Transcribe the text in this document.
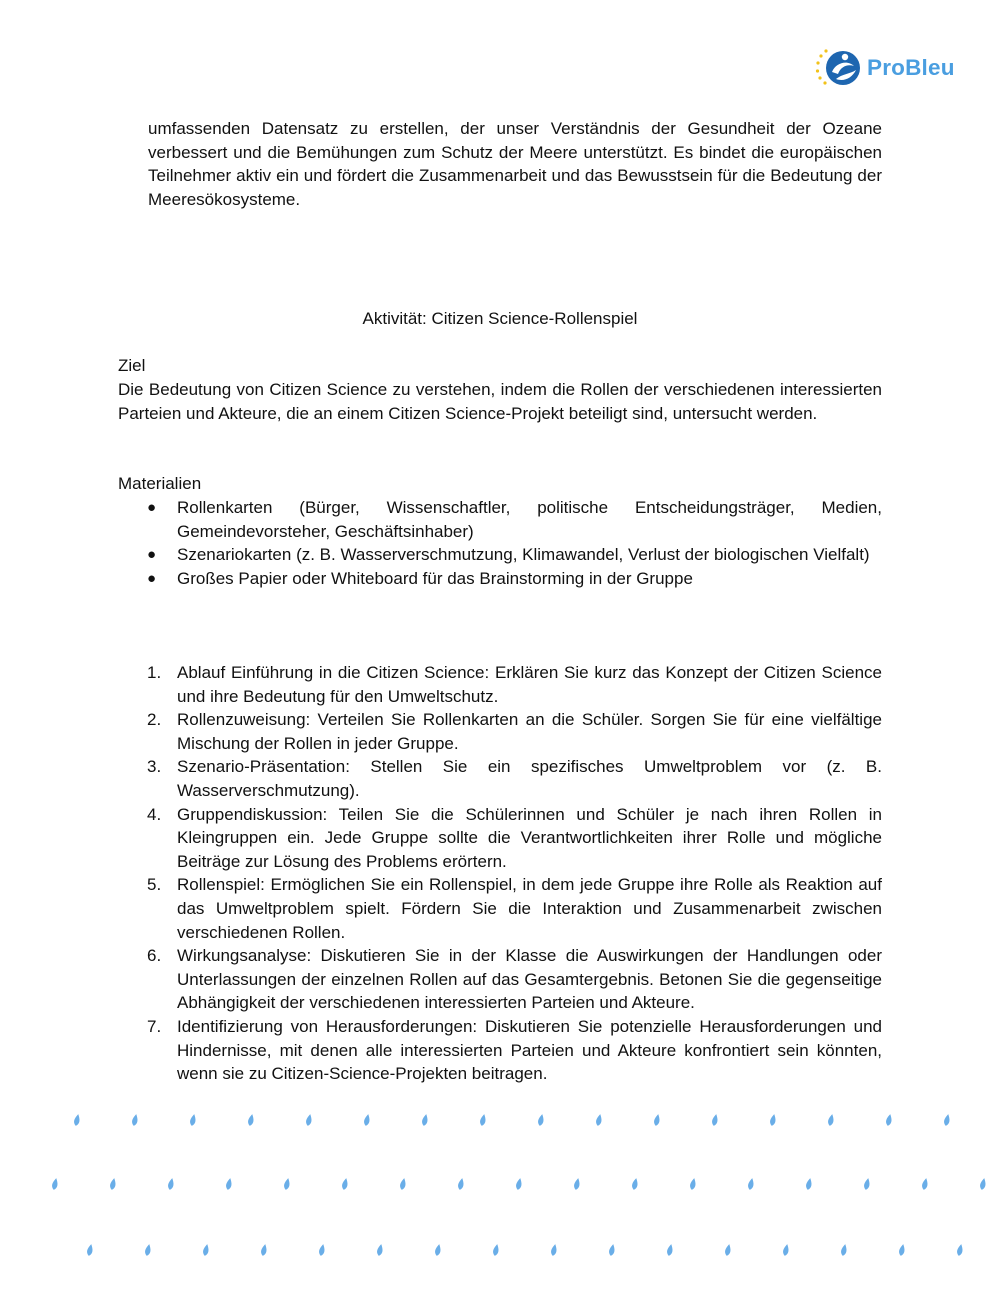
ProBleu

umfassenden Datensatz zu erstellen, der unser Verständnis der Gesundheit der Ozeane verbessert und die Bemühungen zum Schutz der Meere unterstützt. Es bindet die europäischen Teilnehmer aktiv ein und fördert die Zusammenarbeit und das Bewusstsein für die Bedeutung der Meeresökosysteme.

Aktivität: Citizen Science-Rollenspiel

Ziel

Die Bedeutung von Citizen Science zu verstehen, indem die Rollen der verschiedenen interessierten Parteien und Akteure, die an einem Citizen Science-Projekt beteiligt sind, untersucht werden.

Materialien

● Rollenkarten (Bürger, Wissenschaftler, politische Entscheidungsträger, Medien, Gemeindevorsteher, Geschäftsinhaber)
● Szenariokarten (z. B. Wasserverschmutzung, Klimawandel, Verlust der biologischen Vielfalt)
● Großes Papier oder Whiteboard für das Brainstorming in der Gruppe
1. Ablauf Einführung in die Citizen Science: Erklären Sie kurz das Konzept der Citizen Science und ihre Bedeutung für den Umweltschutz.
2. Rollenzuweisung: Verteilen Sie Rollenkarten an die Schüler. Sorgen Sie für eine vielfältige Mischung der Rollen in jeder Gruppe.
3. Szenario-Präsentation: Stellen Sie ein spezifisches Umweltproblem vor (z. B. Wasserverschmutzung).
4. Gruppendiskussion: Teilen Sie die Schülerinnen und Schüler je nach ihren Rollen in Kleingruppen ein. Jede Gruppe sollte die Verantwortlichkeiten ihrer Rolle und mögliche Beiträge zur Lösung des Problems erörtern.
5. Rollenspiel: Ermöglichen Sie ein Rollenspiel, in dem jede Gruppe ihre Rolle als Reaktion auf das Umweltproblem spielt. Fördern Sie die Interaktion und Zusammenarbeit zwischen verschiedenen Rollen.
6. Wirkungsanalyse: Diskutieren Sie in der Klasse die Auswirkungen der Handlungen oder Unterlassungen der einzelnen Rollen auf das Gesamtergebnis. Betonen Sie die gegenseitige Abhängigkeit der verschiedenen interessierten Parteien und Akteure.
7. Identifizierung von Herausforderungen: Diskutieren Sie potenzielle Herausforderungen und Hindernisse, mit denen alle interessierten Parteien und Akteure konfrontiert sein könnten, wenn sie zu Citizen-Science-Projekten beitragen.
